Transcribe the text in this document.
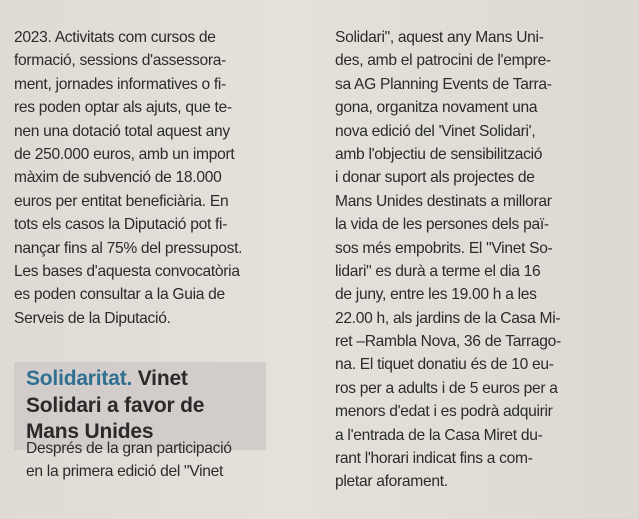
2023. Activitats com cursos de
formació, sessions d'assessora-
ment, jornades informatives o fi-
res poden optar als ajuts, que te-
nen una dotació total aquest any
de 250.000 euros, amb un import
màxim de subvenció de 18.000
euros per entitat beneficiària. En
tots els casos la Diputació pot fi-
nançar fins al 75% del pressupost.
Les bases d'aquesta convocatòria
es poden consultar a la Guia de
Serveis de la Diputació.
Solidaritat. Vinet
Solidari a favor de
Mans Unides
Després de la gran participació
en la primera edició del "Vinet
Solidari", aquest any Mans Uni-
des, amb el patrocini de l'empre-
sa AG Planning Events de Tarra-
gona, organitza novament una
nova edició del 'Vinet Solidari',
amb l'objectiu de sensibilització
i donar suport als projectes de
Mans Unides destinats a millorar
la vida de les persones dels paï-
sos més empobrits. El "Vinet So-
lidari" es durà a terme el dia 16
de juny, entre les 19.00 h a les
22.00 h, als jardins de la Casa Mi-
ret –Rambla Nova, 36 de Tarrago-
na. El tiquet donatiu és de 10 eu-
ros per a adults i de 5 euros per a
menors d'edat i es podrà adquirir
a l'entrada de la Casa Miret du-
rant l'horari indicat fins a com-
pletar aforament.
